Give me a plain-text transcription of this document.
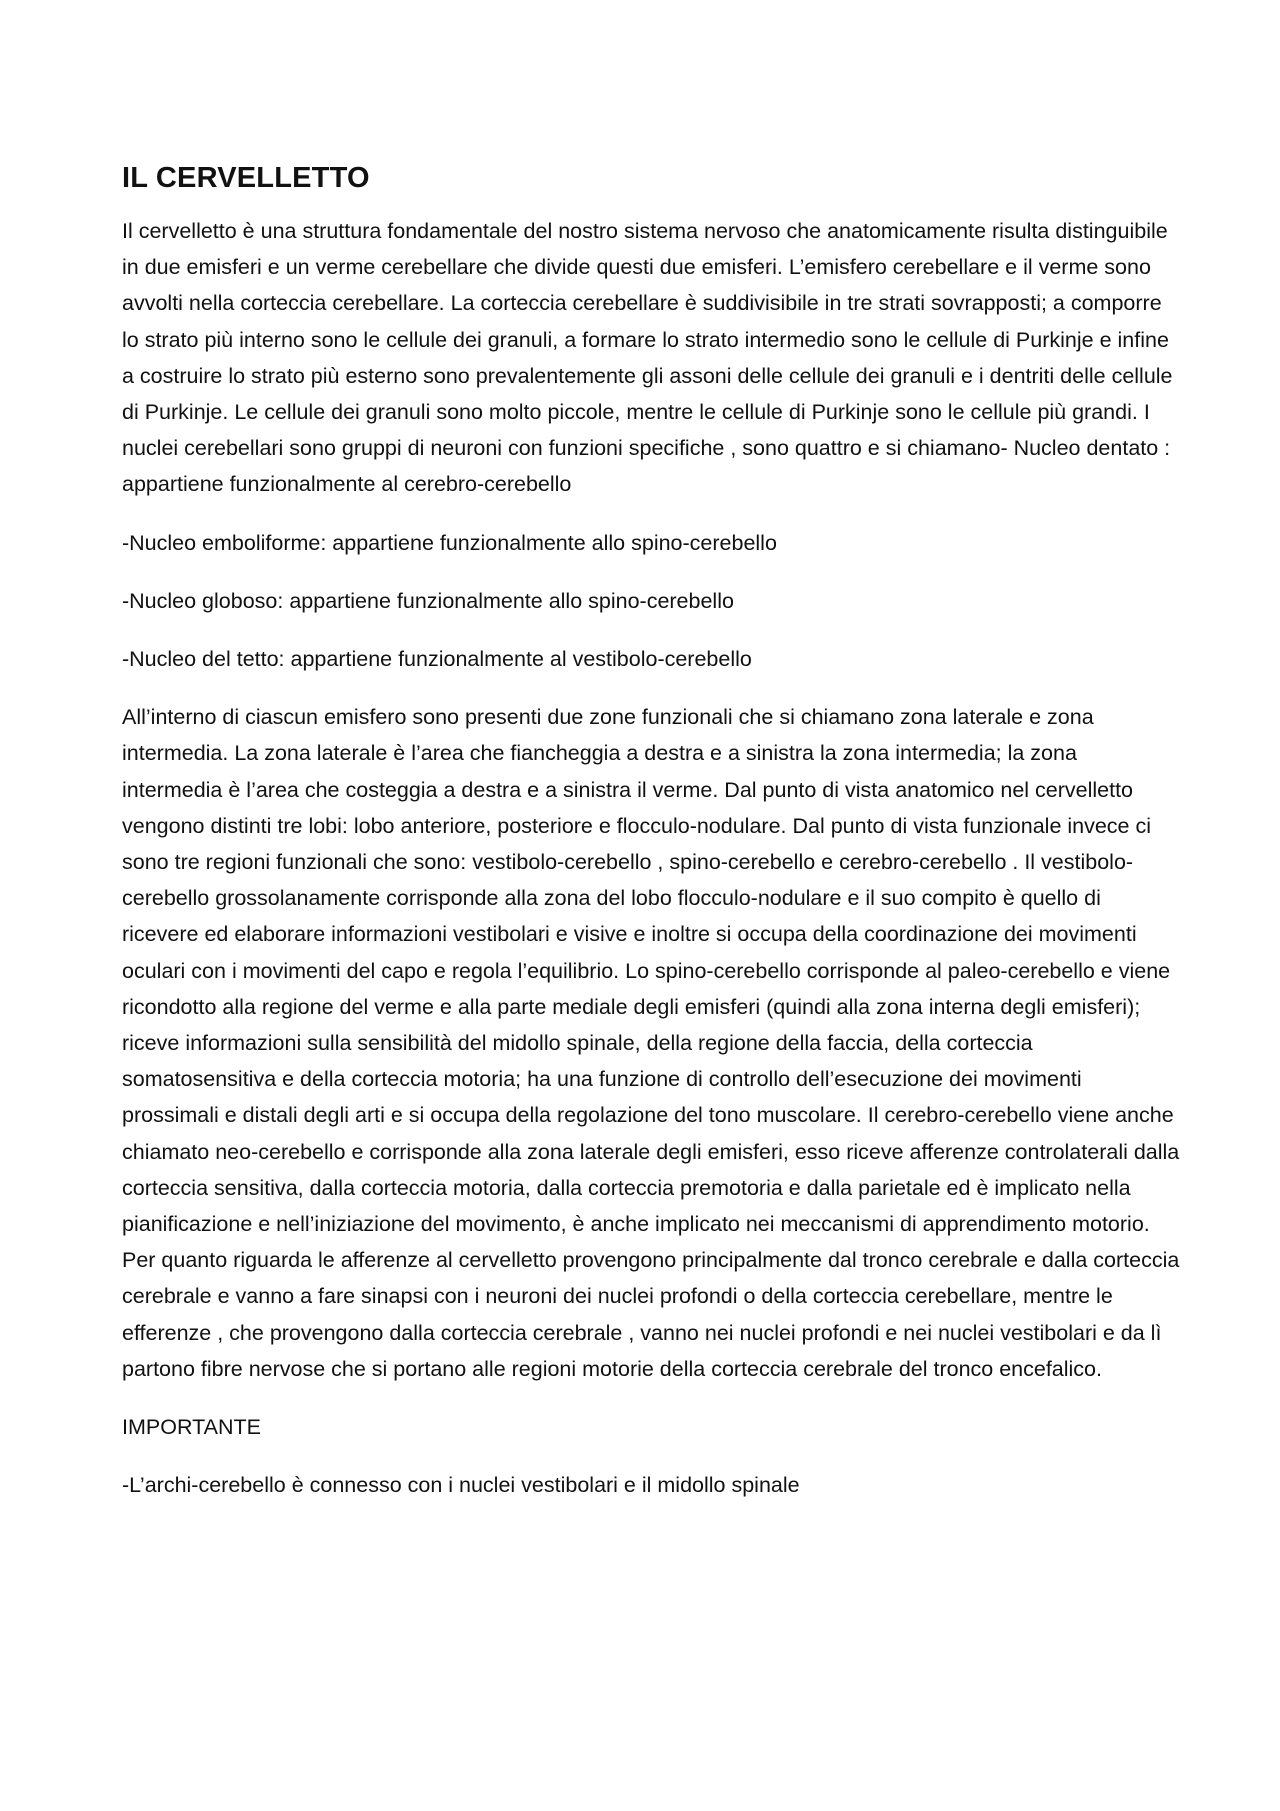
IL CERVELLETTO

Il cervelletto è una struttura fondamentale del nostro sistema nervoso che anatomicamente risulta distinguibile in due emisferi e un verme cerebellare che divide questi due emisferi. L’emisfero cerebellare e il verme sono avvolti nella corteccia cerebellare. La corteccia cerebellare è suddivisibile in tre strati sovrapposti; a comporre lo strato più interno sono le cellule dei granuli, a formare lo strato intermedio sono le cellule di Purkinje e infine a costruire lo strato più esterno sono prevalentemente gli assoni delle cellule dei granuli e i dentriti delle cellule di Purkinje. Le cellule dei granuli sono molto piccole, mentre le cellule di Purkinje sono le cellule più grandi. I nuclei cerebellari sono gruppi di neuroni con funzioni specifiche , sono quattro e si chiamano- Nucleo dentato : appartiene funzionalmente al cerebro-cerebello

-Nucleo emboliforme: appartiene funzionalmente allo spino-cerebello

-Nucleo globoso: appartiene funzionalmente allo spino-cerebello

-Nucleo del tetto: appartiene funzionalmente al vestibolo-cerebello

All’interno di ciascun emisfero sono presenti due zone funzionali che si chiamano zona laterale e zona intermedia. La zona laterale è l’area che fiancheggia a destra e a sinistra la zona intermedia; la zona intermedia è l’area che costeggia a destra e a sinistra il verme. Dal punto di vista anatomico nel cervelletto vengono distinti tre lobi: lobo anteriore, posteriore e flocculo-nodulare. Dal punto di vista funzionale invece ci sono tre regioni funzionali che sono: vestibolo-cerebello , spino-cerebello e cerebro-cerebello . Il vestibolo-cerebello grossolanamente corrisponde alla zona del lobo flocculo-nodulare e il suo compito è quello di ricevere ed elaborare informazioni vestibolari e visive e inoltre si occupa della coordinazione dei movimenti oculari con i movimenti del capo e regola l’equilibrio. Lo spino-cerebello corrisponde al paleo-cerebello e viene ricondotto alla regione del verme e alla parte mediale degli emisferi (quindi alla zona interna degli emisferi); riceve informazioni sulla sensibilità del midollo spinale, della regione della faccia, della corteccia somatosensitiva e della corteccia motoria; ha una funzione di controllo dell’esecuzione dei movimenti prossimali e distali degli arti e si occupa della regolazione del tono muscolare. Il cerebro-cerebello viene anche chiamato neo-cerebello e corrisponde alla zona laterale degli emisferi, esso riceve afferenze controlaterali dalla corteccia sensitiva, dalla corteccia motoria, dalla corteccia premotoria e dalla parietale ed è implicato nella pianificazione e nell’iniziazione del movimento, è anche implicato nei meccanismi di apprendimento motorio. Per quanto riguarda le afferenze al cervelletto provengono principalmente dal tronco cerebrale e dalla corteccia cerebrale e vanno a fare sinapsi con i neuroni dei nuclei profondi o della corteccia cerebellare, mentre le efferenze , che provengono dalla corteccia cerebrale , vanno nei nuclei profondi e nei nuclei vestibolari e da lì partono fibre nervose che si portano alle regioni motorie della corteccia cerebrale del tronco encefalico.

IMPORTANTE

-L’archi-cerebello è connesso con i nuclei vestibolari e il midollo spinale
